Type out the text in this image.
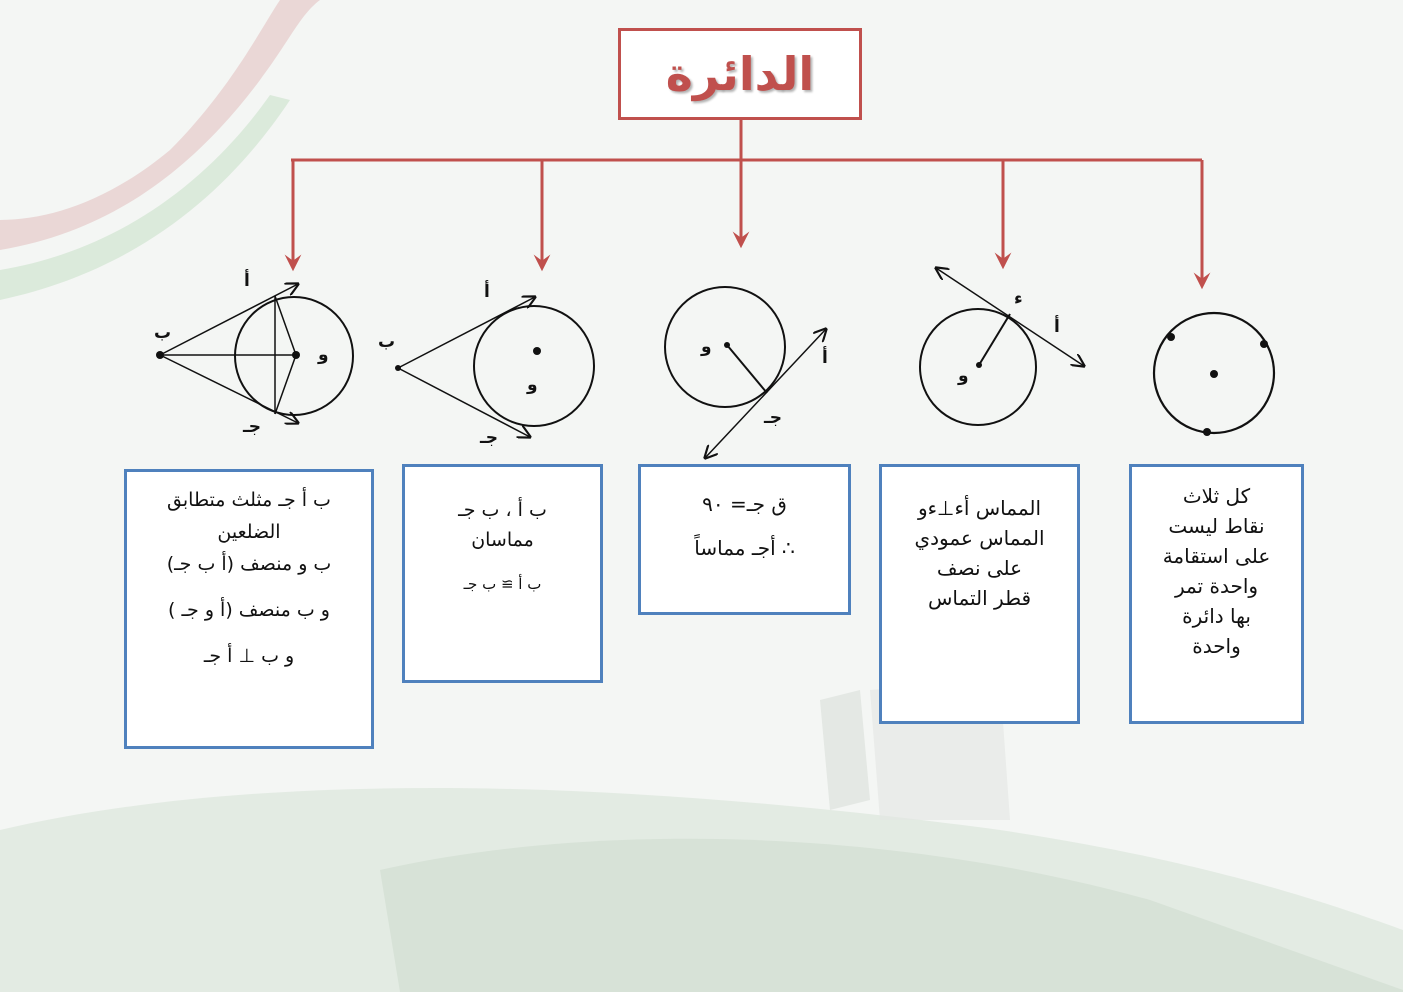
الدائرة
ء
أ
و
و
أ
جـ
أ
ب
و
جـ
أ
ب
و
جـ
كل ثلاث
نقاط ليست
على استقامة
واحدة تمر
بها دائرة
واحدة
المماس أء⊥ءو
المماس عمودي
على نصف
قطر التماس
ق جـ= ٩٠
∴ أجـ مماساً
ب أ ، ب جـ
مماسان
ب أ ≅ ب جـ
ب أ جـ مثلث متطابق
الضلعين
ب و منصف (أ ب جـ)
و ب منصف (أ و جـ )
و ب ⊥ أ جـ
